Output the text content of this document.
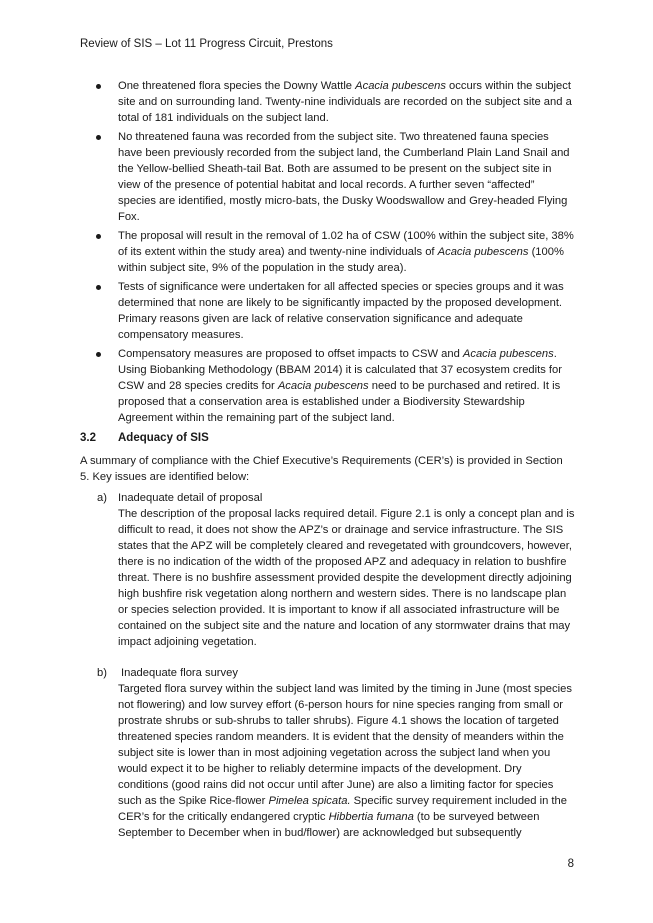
Review of SIS – Lot 11 Progress Circuit, Prestons
One threatened flora species the Downy Wattle Acacia pubescens occurs within the subject site and on surrounding land. Twenty-nine individuals are recorded on the subject site and a total of 181 individuals on the subject land.
No threatened fauna was recorded from the subject site. Two threatened fauna species have been previously recorded from the subject land, the Cumberland Plain Land Snail and the Yellow-bellied Sheath-tail Bat. Both are assumed to be present on the subject site in view of the presence of potential habitat and local records. A further seven “affected” species are identified, mostly micro-bats, the Dusky Woodswallow and Grey-headed Flying Fox.
The proposal will result in the removal of 1.02 ha of CSW (100% within the subject site, 38% of its extent within the study area) and twenty-nine individuals of Acacia pubescens (100% within subject site, 9% of the population in the study area).
Tests of significance were undertaken for all affected species or species groups and it was determined that none are likely to be significantly impacted by the proposed development. Primary reasons given are lack of relative conservation significance and adequate compensatory measures.
Compensatory measures are proposed to offset impacts to CSW and Acacia pubescens. Using Biobanking Methodology (BBAM 2014) it is calculated that 37 ecosystem credits for CSW and 28 species credits for Acacia pubescens need to be purchased and retired. It is proposed that a conservation area is established under a Biodiversity Stewardship Agreement within the remaining part of the subject land.
3.2 Adequacy of SIS

A summary of compliance with the Chief Executive’s Requirements (CER’s) is provided in Section 5. Key issues are identified below:

a) Inadequate detail of proposal

The description of the proposal lacks required detail. Figure 2.1 is only a concept plan and is difficult to read, it does not show the APZ’s or drainage and service infrastructure. The SIS states that the APZ will be completely cleared and revegetated with groundcovers, however, there is no indication of the width of the proposed APZ and adequacy in relation to bushfire threat. There is no bushfire assessment provided despite the development directly adjoining high bushfire risk vegetation along northern and western sides. There is no landscape plan or species selection provided. It is important to know if all associated infrastructure will be contained on the subject site and the nature and location of any stormwater drains that may impact adjoining vegetation.

b) Inadequate flora survey

Targeted flora survey within the subject land was limited by the timing in June (most species not flowering) and low survey effort (6-person hours for nine species ranging from small or prostrate shrubs or sub-shrubs to taller shrubs). Figure 4.1 shows the location of targeted threatened species random meanders. It is evident that the density of meanders within the subject site is lower than in most adjoining vegetation across the subject land when you would expect it to be higher to reliably determine impacts of the development. Dry conditions (good rains did not occur until after June) are also a limiting factor for species such as the Spike Rice-flower Pimelea spicata. Specific survey requirement included in the CER’s for the critically endangered cryptic Hibbertia fumana (to be surveyed between September to December when in bud/flower) are acknowledged but subsequently

8
